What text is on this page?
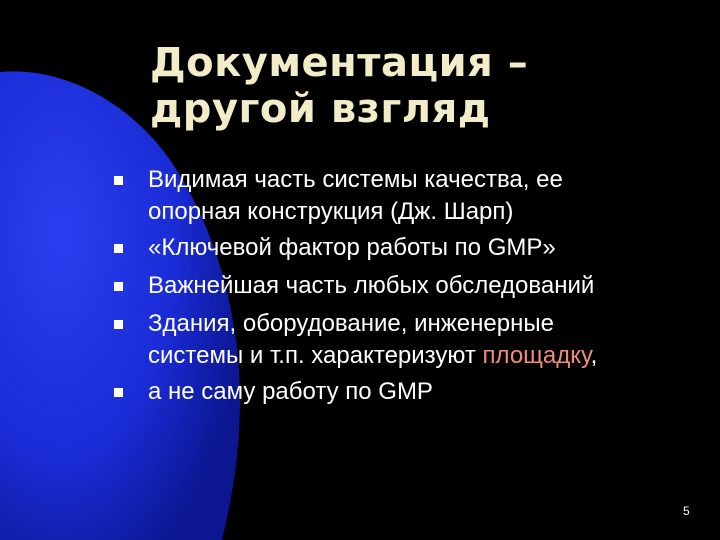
Документация –
другой взгляд
Видимая часть системы качества, ее
опорная конструкция (Дж. Шарп)
«Ключевой фактор работы по GMP»
Важнейшая часть любых обследований
Здания, оборудование, инженерные
системы и т.п. характеризуют площадку,
а не саму работу по GMP
5
